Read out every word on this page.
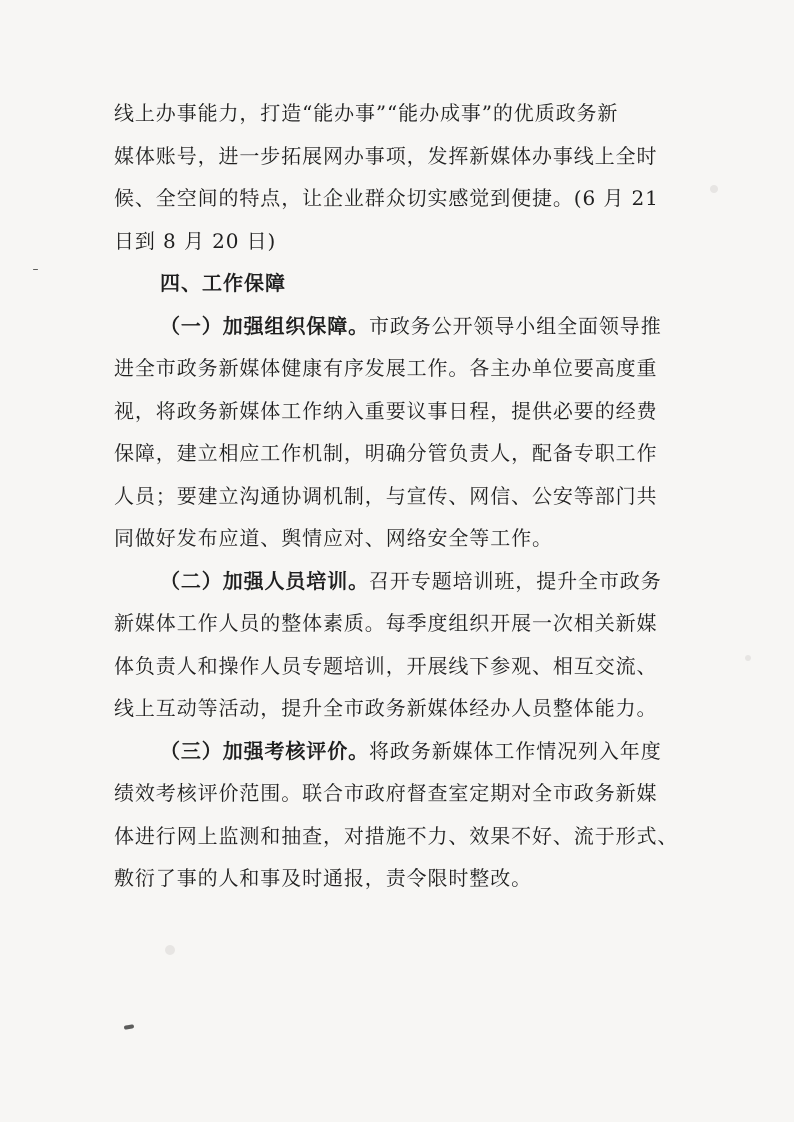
线上办事能力，打造“能办事”“能办成事”的优质政务新
媒体账号，进一步拓展网办事项，发挥新媒体办事线上全时
候、全空间的特点，让企业群众切实感觉到便捷。(6 月 21
日到 8 月 20 日)
四、工作保障
（一）加强组织保障。市政务公开领导小组全面领导推
进全市政务新媒体健康有序发展工作。各主办单位要高度重
视，将政务新媒体工作纳入重要议事日程，提供必要的经费
保障，建立相应工作机制，明确分管负责人，配备专职工作
人员；要建立沟通协调机制，与宣传、网信、公安等部门共
同做好发布应道、舆情应对、网络安全等工作。
（二）加强人员培训。召开专题培训班，提升全市政务
新媒体工作人员的整体素质。每季度组织开展一次相关新媒
体负责人和操作人员专题培训，开展线下参观、相互交流、
线上互动等活动，提升全市政务新媒体经办人员整体能力。
（三）加强考核评价。将政务新媒体工作情况列入年度
绩效考核评价范围。联合市政府督查室定期对全市政务新媒
体进行网上监测和抽查，对措施不力、效果不好、流于形式、
敷衍了事的人和事及时通报，责令限时整改。
